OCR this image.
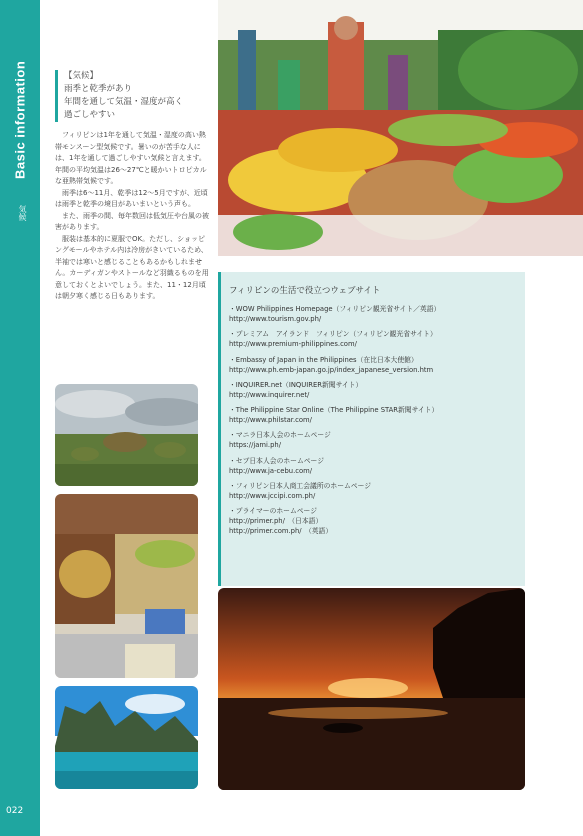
Basic information
気候
022
【気候】
雨季と乾季があり
年間を通して気温・湿度が高く
過ごしやすい

フィリピンは1年を通して気温・湿度の高い熱帯モンスーン型気候です。暑いのが苦手な人には、1年を通して過ごしやすい気候と言えます。年間の平均気温は26～27℃と暖かいトロピカルな亜熱帯気候です。

雨季は6～11月、乾季は12～5月ですが、近頃は雨季と乾季の境目があいまいという声も。

また、雨季の間、毎年数回は低気圧や台風の被害があります。

服装は基本的に夏服でOK。ただし、ショッピングモールやホテル内は冷房がきいているため、半袖では寒いと感じることもあるかもしれません。カーディガンやストールなど羽織るものを用意しておくとよいでしょう。また、11・12月頃は朝夕寒く感じる日もあります。	フィリピンの生活で役立つウェブサイト
・WOW Philippines Homepage（フィリピン観光省サイト／英語）
http://www.tourism.gov.ph/
・プレミアム　アイランド　フィリピン（フィリピン観光省サイト）
http://www.premium-philippines.com/
・Embassy of Japan in the Philippines（在比日本大使館）
http://www.ph.emb-japan.go.jp/index_japanese_version.htm
・INQUIRER.net（INQUIRER新聞サイト）
http://www.inquirer.net/
・The Philippine Star Online（The Philippine STAR新聞サイト）
http://www.philstar.com/
・マニラ日本人会のホームページ
https://jami.ph/
・セブ日本人会のホームページ
http://www.ja-cebu.com/
・フィリピン日本人商工会議所のホームページ
http://www.jccipi.com.ph/
・プライマーのホームページ
http://primer.ph/　（日本語）
http://primer.com.ph/　（英語）
